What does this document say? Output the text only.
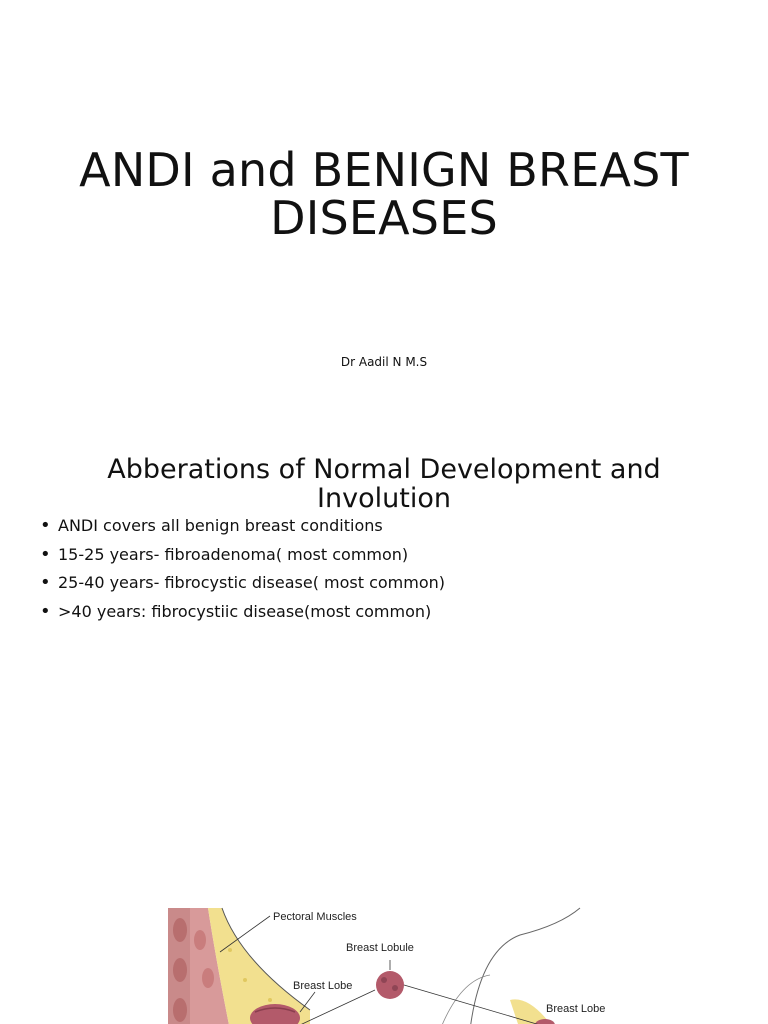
ANDI and BENIGN BREAST
DISEASES

Dr Aadil N M.S

Abberations of Normal Development and
Involution
• ANDI covers all benign breast conditions
• 15-25 years- fibroadenoma( most common)
• 25-40 years- fibrocystic disease( most common)
• >40 years: fibrocystiic disease(most common)
Pectoral Muscles
Breast Lobule
Breast Lobe
Breast Lobe
